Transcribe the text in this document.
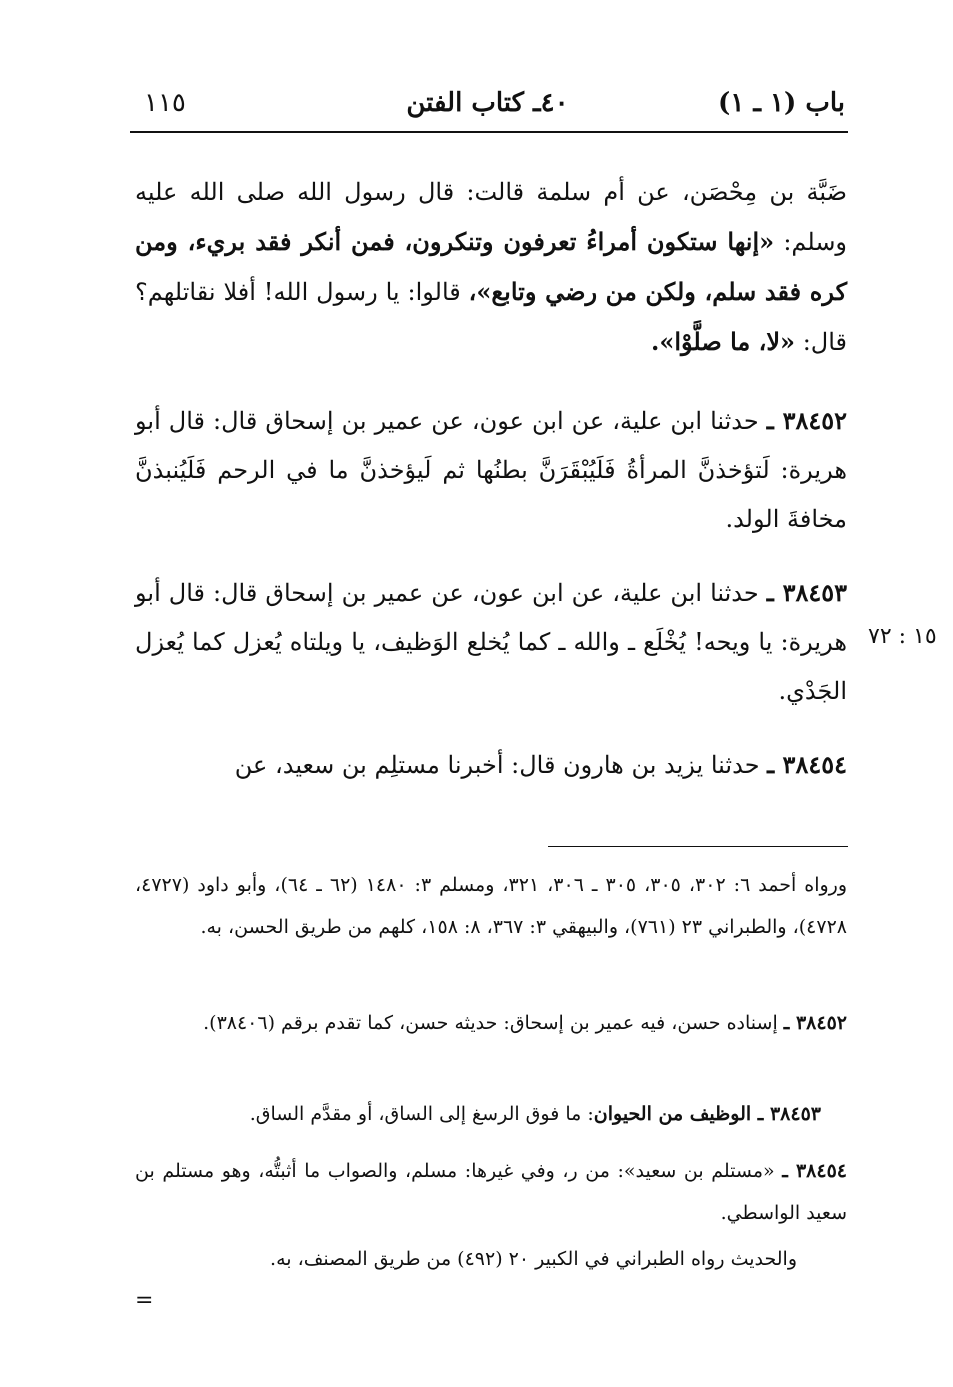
باب (١ ـ ١)
٤٠ـ كتاب الفتن
١١٥

ضَبَّة بن مِحْصَن، عن أم سلمة قالت: قال رسول الله صلى الله عليه وسلم: «إنها ستكون أمراءُ تعرفون وتنكرون، فمن أنكر فقد بريء، ومن كره فقد سلم، ولكن من رضي وتابع»، قالوا: يا رسول الله! أفلا نقاتلهم؟ قال: «لا، ما صلَّوْا».

٣٨٤٥٢ ـ حدثنا ابن علية، عن ابن عون، عن عمير بن إسحاق قال: قال أبو هريرة: لَتؤخذنَّ المرأةُ فَلَيُبْقَرَنَّ بطنُها ثم لَيؤخذنَّ ما في الرحم فَلَيُنبذنَّ مخافةَ الولد.

٣٨٤٥٣ ـ حدثنا ابن علية، عن ابن عون، عن عمير بن إسحاق قال: قال أبو هريرة: يا ويحه! يُخْلَع ـ والله ـ كما يُخلع الوَظيف، يا ويلتاه يُعزل كما يُعزل الجَدْي.

١٥ : ٧٢

٣٨٤٥٤ ـ حدثنا يزيد بن هارون قال: أخبرنا مستلِم بن سعيد، عن

ورواه أحمد ٦: ٣٠٢، ٣٠٥، ٣٠٥ ـ ٣٠٦، ٣٢١، ومسلم ٣: ١٤٨٠ (٦٢ ـ ٦٤)، وأبو داود (٤٧٢٧، ٤٧٢٨)، والطبراني ٢٣ (٧٦١)، والبيهقي ٣: ٣٦٧، ٨: ١٥٨، كلهم من طريق الحسن، به.

٣٨٤٥٢ ـ إسناده حسن، فيه عمير بن إسحاق: حديثه حسن، كما تقدم برقم (٣٨٤٠٦).

٣٨٤٥٣ ـ الوظيف من الحيوان: ما فوق الرسغ إلى الساق، أو مقدَّم الساق.

٣٨٤٥٤ ـ «مستلم بن سعيد»: من ر، وفي غيرها: مسلم، والصواب ما أثبتُّه، وهو مستلم بن سعيد الواسطي.

والحديث رواه الطبراني في الكبير ٢٠ (٤٩٢) من طريق المصنف، به.

=
